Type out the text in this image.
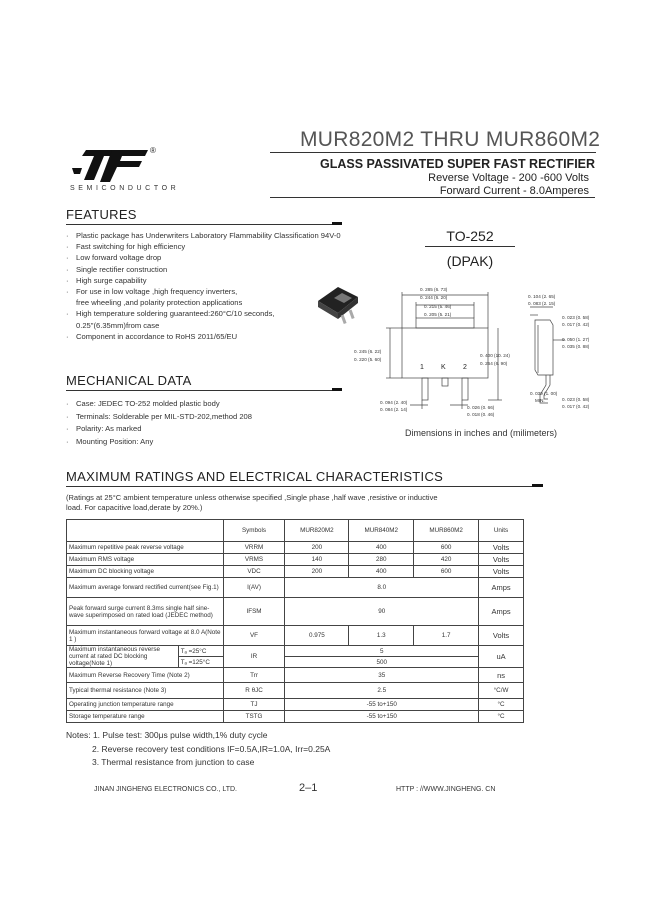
®
SEMICONDUCTOR
MUR820M2 THRU MUR860M2
GLASS PASSIVATED SUPER FAST RECTIFIER
Reverse Voltage - 200 -600 Volts
Forward Current - 8.0Amperes
FEATURES
· Plastic package has Underwriters Laboratory Flammability Classification 94V-0
· Fast switching for high efficiency
· Low forward voltage drop
· Single rectifier construction
· High surge capability
· For use in low voltage ,high frequency inverters,
free wheeling ,and polarity protection applications
· High temperature soldering guaranteed:260°C/10 seconds,
0.25"(6.35mm)from case
· Component in accordance to RoHS 2011/65/EU
TO-252
(DPAK)
0. 285 (6. 73)
0. 244 (6. 20)
0. 215 (5. 46)
0. 205 (5. 21)
0. 245 (6. 22)
0. 220 (5. 60)
0. 400 (10. 24)
0. 264 (6. 90)
0. 104 (2. 65)
0. 083 (2. 15)
0. 023 (0. 58)
0. 017 (0. 42)
0. 050 (1. 27)
0. 035 (0. 88)
0. 039 (1. 00)
MIN.	0. 023 (0. 58)
0. 017 (0. 42)
0. 094 (2. 40)
0. 084 (2. 14)	0. 026 (0. 66)
0. 018 (0. 46)
1 K 2
Dimensions in inches and (milimeters)
MECHANICAL DATA
· Case: JEDEC TO-252 molded plastic body
· Terminals: Solderable per MIL-STD-202,method 208
· Polarity: As marked
· Mounting Position: Any
MAXIMUM RATINGS AND ELECTRICAL CHARACTERISTICS
(Ratings at 25°C ambient temperature unless otherwise specified ,Single phase ,half wave ,resistive or inductive
load. For capacitive load,derate by 20%.)
		Symbols	MUR820M2	MUR840M2	MUR860M2	Units
Maximum repetitive peak reverse voltage		VRRM	200	400	600	Volts
Maximum RMS voltage		VRMS	140	280	420	Volts
Maximum DC blocking voltage		VDC	200	400	600	Volts
Maximum average forward rectified current(see Fig.1)		I(AV)	8.0			Amps
Peak forward surge current 8.3ms single half sine-wave superimposed on rated load (JEDEC method)		IFSM	90			Amps
Maximum instantaneous forward voltage at 8.0 A(Note 1 )		VF	0.975	1.3	1.7	Volts
Maximum instantaneous reverse current at rated DC blocking voltage(Note 1)	Tₐ =25°C	IR	5			uA
	Tₐ =125°C		500			
Maximum Reverse Recovery Time (Note 2)		Trr	35			ns
Typical thermal resistance (Note 3)		R θJC	2.5			°C/W
Operating junction temperature range		TJ	-55 to+150			°C
Storage temperature range		TSTG	-55 to+150			°C
Notes: 1. Pulse test: 300μs pulse width,1% duty cycle
2. Reverse recovery test conditions IF=0.5A,IR=1.0A, Irr=0.25A
3. Thermal resistance from junction to case
JINAN JINGHENG ELECTRONICS CO., LTD.	2–1	HTTP : //WWW.JINGHENG. CN
